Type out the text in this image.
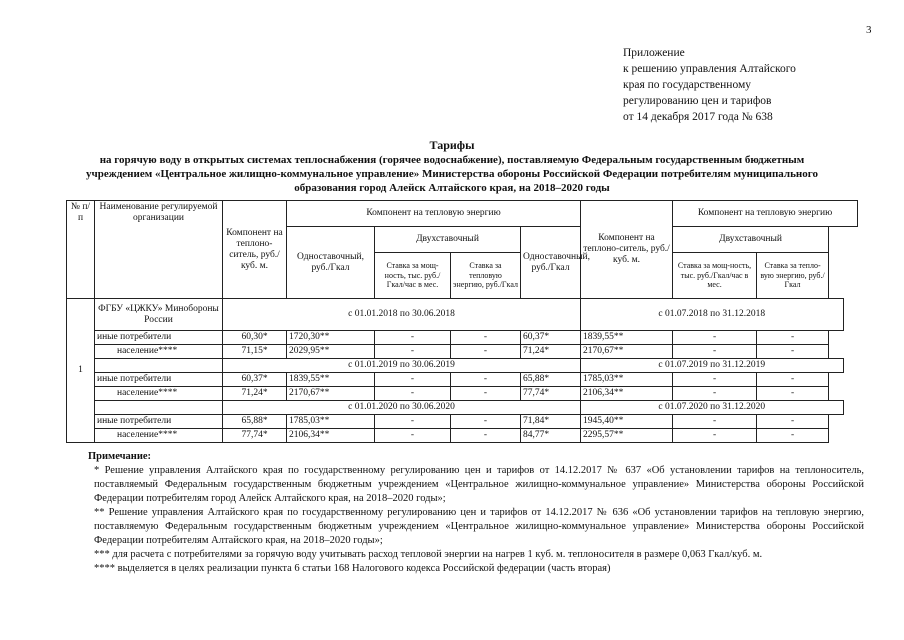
3
Приложение
к решению управления Алтайского
края по государственному
регулированию цен и тарифов
от 14 декабря 2017 года № 638
Тарифы
на горячую воду в открытых системах теплоснабжения (горячее водоснабжение), поставляемую Федеральным государственным бюджетным
учреждением «Центральное жилищно-коммунальное управление» Министерства обороны Российской Федерации потребителям муниципального
образования город Алейск Алтайского края, на 2018–2020 годы
№ п/п	Наименование регулируемой организации	Компонент на теплоно-ситель, руб./куб. м.	Компонент на тепловую энергию				Компонент на теплоно-ситель, руб./куб. м.	Компонент на тепловую энергию	
			Одноставочный, руб./Гкал	Двухставочный		Одноставочный, руб./Гкал		Двухставочный	
				Ставка за мощ-ность, тыс. руб./Гкал/час в мес.	Ставка за тепловую энергию, руб./Гкал			Ставка за мощ-ность, тыс. руб./Гкал/час в мес.	Ставка за тепло-вую энергию, руб./Гкал
1	ФГБУ «ЦЖКУ» Минобороны России	с 01.01.2018 по 30.06.2018					с 01.07.2018 по 31.12.2018		
	иные потребители	60,30*	1720,30**	-	-	60,37*	1839,55**	-	-
	население****	71,15*	2029,95**	-	-	71,24*	2170,67**	-	-
		с 01.01.2019 по 30.06.2019					с 01.07.2019 по 31.12.2019		
	иные потребители	60,37*	1839,55**	-	-	65,88*	1785,03**	-	-
	население****	71,24*	2170,67**	-	-	77,74*	2106,34**	-	-
		с 01.01.2020 по 30.06.2020					с 01.07.2020 по 31.12.2020		
	иные потребители	65,88*	1785,03**	-	-	71,84*	1945,40**	-	-
	население****	77,74*	2106,34**	-	-	84,77*	2295,57**	-	-
Примечание:

* Решение управления Алтайского края по государственному регулированию цен и тарифов от 14.12.2017 № 637 «Об установлении тарифов на теплоноситель, поставляемый Федеральным государственным бюджетным учреждением «Центральное жилищно-коммунальное управление» Министерства обороны Российской Федерации потребителям город Алейск Алтайского края, на 2018–2020 годы»;

** Решение управления Алтайского края по государственному регулированию цен и тарифов от 14.12.2017 № 636 «Об установлении тарифов на тепловую энергию, поставляемую Федеральным государственным бюджетным учреждением «Центральное жилищно-коммунальное управление» Министерства обороны Российской Федерации потребителям Алтайского края, на 2018–2020 годы»;

*** для расчета с потребителями за горячую воду учитывать расход тепловой энергии на нагрев 1 куб. м. теплоносителя в размере 0,063 Гкал/куб. м.

**** выделяется в целях реализации пункта 6 статьи 168 Налогового кодекса Российской федерации (часть вторая)
